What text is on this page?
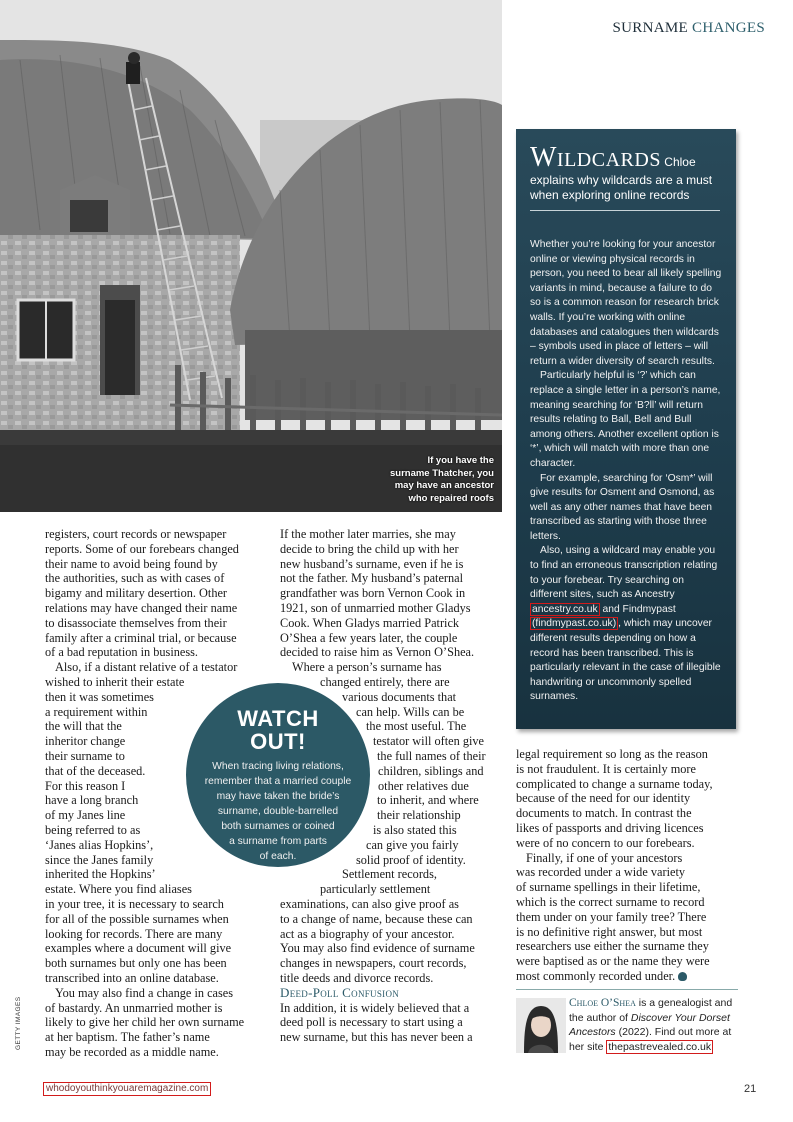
If you have the
surname Thatcher, you
may have an ancestor
who repaired roofs
SURNAME CHANGES
Wildcards Chloe
explains why wildcards are a must
when exploring online records

Whether you’re looking for your ancestor online or viewing physical records in person, you need to bear all likely spelling variants in mind, because a failure to do so is a common reason for research brick walls. If you’re working with online databases and catalogues then wildcards – symbols used in place of letters – will return a wider diversity of search results.

Particularly helpful is ‘?’ which can replace a single letter in a person’s name, meaning searching for ‘B?ll’ will return results relating to Ball, Bell and Bull among others. Another excellent option is ‘*’, which will match with more than one character.

For example, searching for ‘Osm*’ will give results for Osment and Osmond, as well as any other names that have been transcribed as starting with those three letters.

Also, using a wildcard may enable you to find an erroneous transcription relating to your forebear. Try searching on different sites, such as Ancestry ancestry.co.uk and Findmypast (findmypast.co.uk) , which may uncover different results depending on how a record has been transcribed. This is particularly relevant in the case of illegible handwriting or uncommonly spelled surnames.

registers, court records or newspaper
reports. Some of our forebears changed
their name to avoid being found by
the authorities, such as with cases of
bigamy and military desertion. Other
relations may have changed their name
to disassociate themselves from their
family after a criminal trial, or because
of a bad reputation in business.

Also, if a distant relative of a testator
wished to inherit their estate
then it was sometimes
a requirement within
the will that the
inheritor change
their surname to
that of the deceased.
For this reason I
have a long branch
of my Janes line
being referred to as
‘Janes alias Hopkins’,
since the Janes family
inherited the Hopkins’
estate. Where you find aliases
in your tree, it is necessary to search
for all of the possible surnames when
looking for records. There are many
examples where a document will give
both surnames but only one has been
transcribed into an online database.

You may also find a change in cases
of bastardy. An unmarried mother is
likely to give her child her own surname
at her baptism. The father’s name
may be recorded as a middle name.

If the mother later marries, she may
decide to bring the child up with her
new husband’s surname, even if he is
not the father. My husband’s paternal
grandfather was born Vernon Cook in
1921, son of unmarried mother Gladys
Cook. When Gladys married Patrick
O’Shea a few years later, the couple
decided to raise him as Vernon O’Shea.

Where a person’s surname has
changed entirely, there are
various documents that
can help. Wills can be
the most useful. The
testator will often give
the full names of their
children, siblings and
other relatives due
to inherit, and where
their relationship
is also stated this
can give you fairly
solid proof of identity.
Settlement records,
particularly settlement
examinations, can also give proof as
to a change of name, because these can
act as a biography of your ancestor.
You may also find evidence of surname
changes in newspapers, court records,
title deeds and divorce records.

Deed-Poll Confusion

In addition, it is widely believed that a
deed poll is necessary to start using a
new surname, but this has never been a

legal requirement so long as the reason
is not fraudulent. It is certainly more
complicated to change a surname today,
because of the need for our identity
documents to match. In contrast the
likes of passports and driving licences
were of no concern to our forebears.

Finally, if one of your ancestors
was recorded under a wide variety
of surname spellings in their lifetime,
which is the correct surname to record
them under on your family tree? There
is no definitive right answer, but most
researchers use either the surname they
were baptised as or the name they were
most commonly recorded under.

WATCH
OUT!
When tracing living relations,
remember that a married couple
may have taken the bride’s
surname, double-barrelled
both surnames or coined
a surname from parts
of each.
Chloe O’Shea is a genealogist and the author of Discover Your Dorset Ancestors (2022). Find out more at her site thepastrevealed.co.uk
GETTY IMAGES
whodoyouthinkyouaremagazine.com	21
